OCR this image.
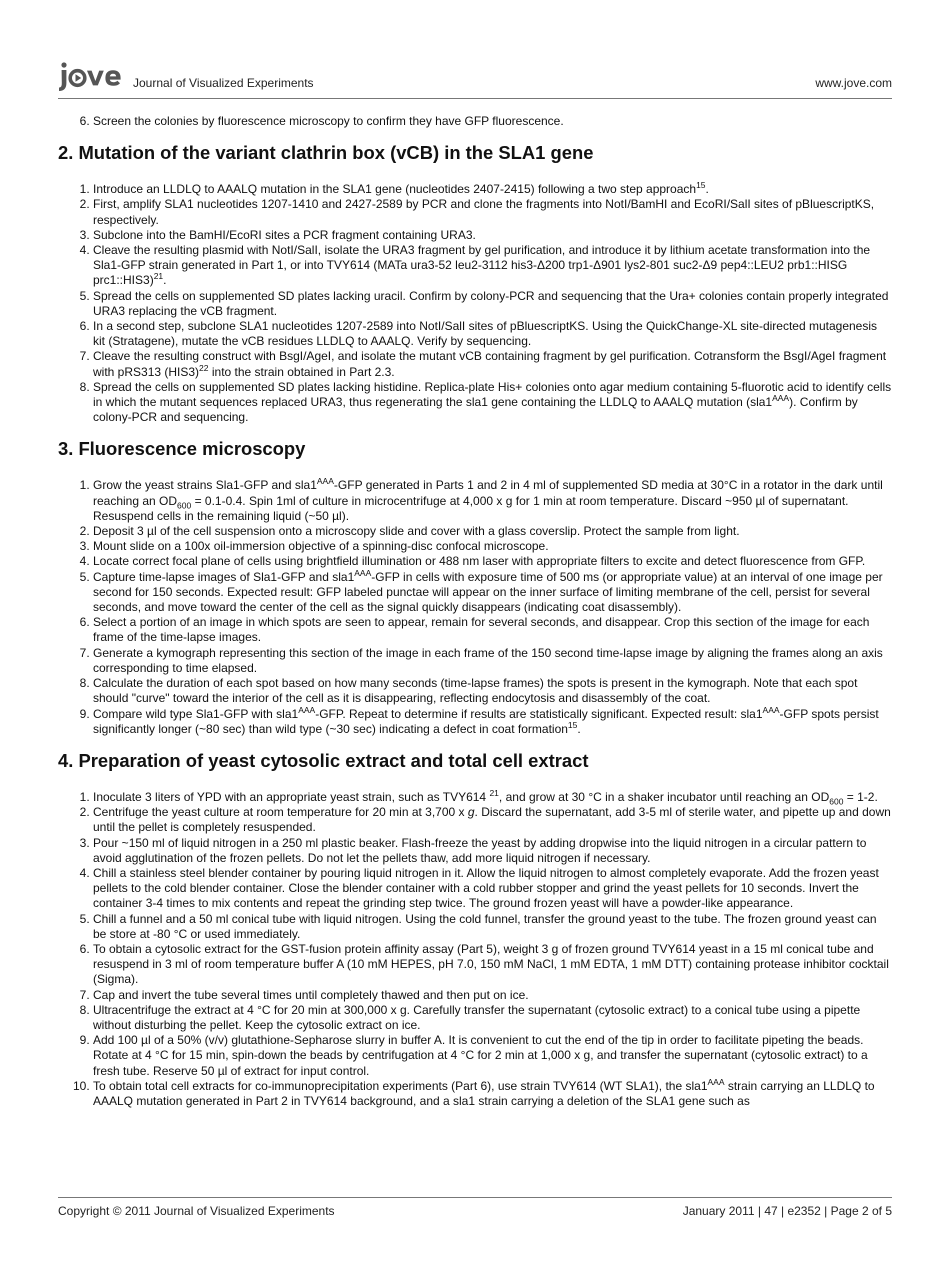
Journal of Visualized Experiments	www.jove.com
6. Screen the colonies by fluorescence microscopy to confirm they have GFP fluorescence.
2. Mutation of the variant clathrin box (vCB) in the SLA1 gene
1. Introduce an LLDLQ to AAALQ mutation in the SLA1 gene (nucleotides 2407-2415) following a two step approach$^{15}$.
2. First, amplify SLA1 nucleotides 1207-1410 and 2427-2589 by PCR and clone the fragments into NotI/BamHI and EcoRI/SalI sites of pBluescriptKS, respectively.
3. Subclone into the BamHI/EcoRI sites a PCR fragment containing URA3.
4. Cleave the resulting plasmid with NotI/SalI, isolate the URA3 fragment by gel purification, and introduce it by lithium acetate transformation into the Sla1-GFP strain generated in Part 1, or into TVY614 (MATa ura3-52 leu2-3112 his3-Δ200 trp1-Δ901 lys2-801 suc2-Δ9 pep4::LEU2 prb1::HISG prc1::HIS3)$^{21}$.
5. Spread the cells on supplemented SD plates lacking uracil. Confirm by colony-PCR and sequencing that the Ura+ colonies contain properly integrated URA3 replacing the vCB fragment.
6. In a second step, subclone SLA1 nucleotides 1207-2589 into NotI/SalI sites of pBluescriptKS. Using the QuickChange-XL site-directed mutagenesis kit (Stratagene), mutate the vCB residues LLDLQ to AAALQ. Verify by sequencing.
7. Cleave the resulting construct with BsgI/AgeI, and isolate the mutant vCB containing fragment by gel purification. Cotransform the BsgI/AgeI fragment with pRS313 $(HIS3)^{22}$ into the strain obtained in Part 2.3.
8. Spread the cells on supplemented SD plates lacking histidine. Replica-plate His+ colonies onto agar medium containing 5-fluorotic acid to identify cells in which the mutant sequences replaced URA3, thus regenerating the sla1 gene containing the LLDLQ to AAALQ mutation $(sla1^{AAA})$. Confirm by colony-PCR and sequencing.
3. Fluorescence microscopy
1. Grow the yeast strains Sla1-GFP and $sla1^{AAA}$-GFP generated in Parts 1 and 2 in 4 ml of supplemented SD media at 30°C in a rotator in the dark until reaching an $OD_{600} = 0.1-0.4$. Spin 1ml of culture in microcentrifuge at 4,000 x g for 1 min at room temperature. Discard ~950 µl of supernatant. Resuspend cells in the remaining liquid (~50 µl).
2. Deposit 3 µl of the cell suspension onto a microscopy slide and cover with a glass coverslip. Protect the sample from light.
3. Mount slide on a 100x oil-immersion objective of a spinning-disc confocal microscope.
4. Locate correct focal plane of cells using brightfield illumination or 488 nm laser with appropriate filters to excite and detect fluorescence from GFP.
5. Capture time-lapse images of Sla1-GFP and $sla1^{AAA}$-GFP in cells with exposure time of 500 ms (or appropriate value) at an interval of one image per second for 150 seconds. Expected result: GFP labeled punctae will appear on the inner surface of limiting membrane of the cell, persist for several seconds, and move toward the center of the cell as the signal quickly disappears (indicating coat disassembly).
6. Select a portion of an image in which spots are seen to appear, remain for several seconds, and disappear. Crop this section of the image for each frame of the time-lapse images.
7. Generate a kymograph representing this section of the image in each frame of the 150 second time-lapse image by aligning the frames along an axis corresponding to time elapsed.
8. Calculate the duration of each spot based on how many seconds (time-lapse frames) the spots is present in the kymograph. Note that each spot should "curve" toward the interior of the cell as it is disappearing, reflecting endocytosis and disassembly of the coat.
9. Compare wild type Sla1-GFP with $sla1^{AAA}$-GFP. Repeat to determine if results are statistically significant. Expected result: $sla1^{AAA}$-GFP spots persist significantly longer (~80 sec) than wild type (~30 sec) indicating a defect in coat formation$^{15}$.
4. Preparation of yeast cytosolic extract and total cell extract
1. Inoculate 3 liters of YPD with an appropriate yeast strain, such as TVY614 $^{21}$, and grow at 30 °C in a shaker incubator until reaching an $OD_{600} = 1-2$.
2. Centrifuge the yeast culture at room temperature for 20 min at 3,700 x g. Discard the supernatant, add 3-5 ml of sterile water, and pipette up and down until the pellet is completely resuspended.
3. Pour ~150 ml of liquid nitrogen in a 250 ml plastic beaker. Flash-freeze the yeast by adding dropwise into the liquid nitrogen in a circular pattern to avoid agglutination of the frozen pellets. Do not let the pellets thaw, add more liquid nitrogen if necessary.
4. Chill a stainless steel blender container by pouring liquid nitrogen in it. Allow the liquid nitrogen to almost completely evaporate. Add the frozen yeast pellets to the cold blender container. Close the blender container with a cold rubber stopper and grind the yeast pellets for 10 seconds. Invert the container 3-4 times to mix contents and repeat the grinding step twice. The ground frozen yeast will have a powder-like appearance.
5. Chill a funnel and a 50 ml conical tube with liquid nitrogen. Using the cold funnel, transfer the ground yeast to the tube. The frozen ground yeast can be store at -80 °C or used immediately.
6. To obtain a cytosolic extract for the GST-fusion protein affinity assay (Part 5), weight 3 g of frozen ground TVY614 yeast in a 15 ml conical tube and resuspend in 3 ml of room temperature buffer A (10 mM HEPES, pH 7.0, 150 mM NaCl, 1 mM EDTA, 1 mM DTT) containing protease inhibitor cocktail (Sigma).
7. Cap and invert the tube several times until completely thawed and then put on ice.
8. Ultracentrifuge the extract at 4 °C for 20 min at 300,000 x g. Carefully transfer the supernatant (cytosolic extract) to a conical tube using a pipette without disturbing the pellet. Keep the cytosolic extract on ice.
9. Add 100 µl of a 50% (v/v) glutathione-Sepharose slurry in buffer A. It is convenient to cut the end of the tip in order to facilitate pipeting the beads. Rotate at 4 °C for 15 min, spin-down the beads by centrifugation at 4 °C for 2 min at 1,000 x g, and transfer the supernatant (cytosolic extract) to a fresh tube. Reserve 50 µl of extract for input control.
10. To obtain total cell extracts for co-immunoprecipitation experiments (Part 6), use strain TVY614 (WT SLA1), the $sla1^{AAA}$ strain carrying an LLDLQ to AAALQ mutation generated in Part 2 in TVY614 background, and a sla1 strain carrying a deletion of the SLA1 gene such as
Copyright © 2011 Journal of Visualized Experiments	January 2011 | 47 | e2352 | Page 2 of 5
